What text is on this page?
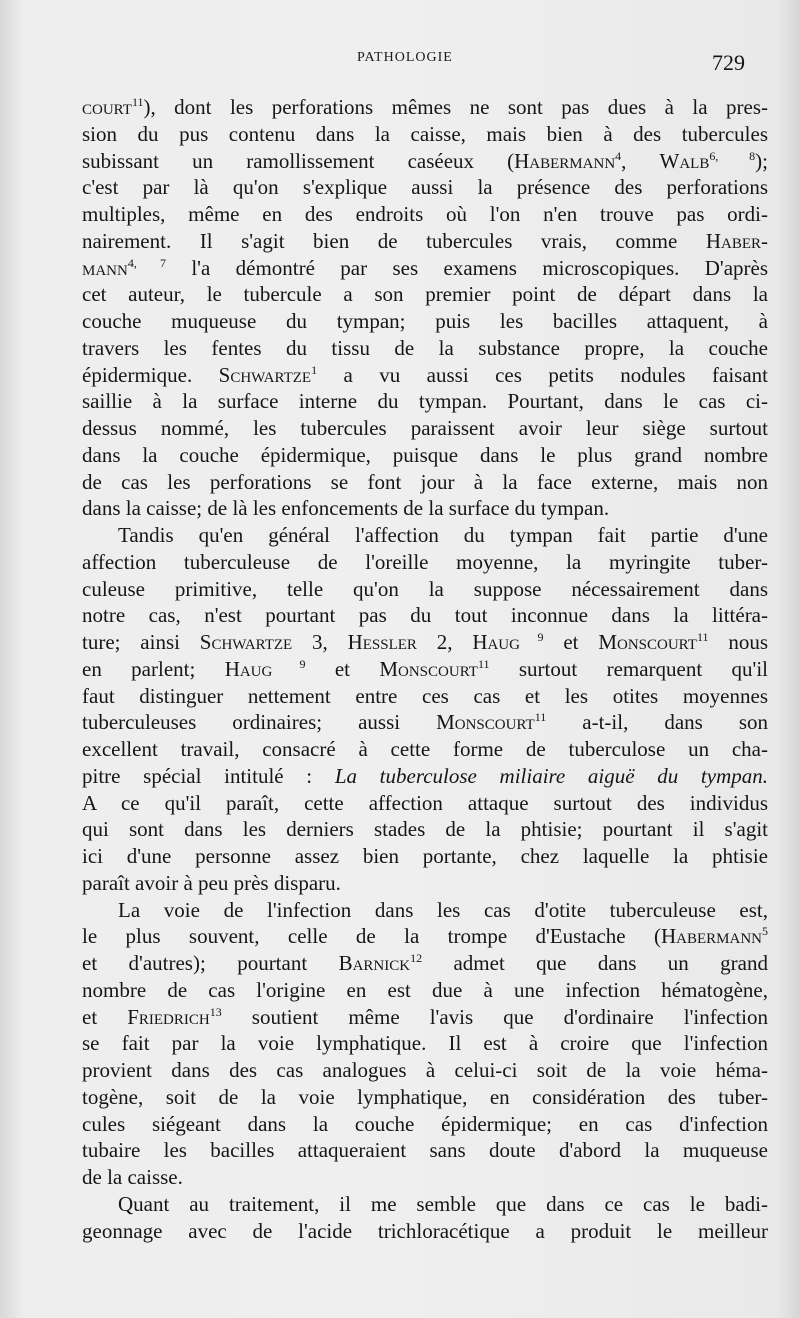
PATHOLOGIE	729
court$^{11}$), dont les perforations mêmes ne sont pas dues à la pres-
sion du pus contenu dans la caisse, mais bien à des tubercules
subissant un ramollissement caséeux (Habermann$^4$, Walb$^{6, 8}$);
c'est par là qu'on s'explique aussi la présence des perforations
multiples, même en des endroits où l'on n'en trouve pas ordi-
nairement. Il s'agit bien de tubercules vrais, comme Haber-
mann$^{4, 7}$ l'a démontré par ses examens microscopiques. D'après
cet auteur, le tubercule a son premier point de départ dans la
couche muqueuse du tympan; puis les bacilles attaquent, à
travers les fentes du tissu de la substance propre, la couche
épidermique. Schwartze$^1$ a vu aussi ces petits nodules faisant
saillie à la surface interne du tympan. Pourtant, dans le cas ci-
dessus nommé, les tubercules paraissent avoir leur siège surtout
dans la couche épidermique, puisque dans le plus grand nombre
de cas les perforations se font jour à la face externe, mais non
dans la caisse; de là les enfoncements de la surface du tympan.
Tandis qu'en général l'affection du tympan fait partie d'une
affection tuberculeuse de l'oreille moyenne, la myringite tuber-
culeuse primitive, telle qu'on la suppose nécessairement dans
notre cas, n'est pourtant pas du tout inconnue dans la littéra-
ture; ainsi Schwartze 3, Hessler 2, Haug $^9$ et Monscourt$^{11}$ nous
en parlent; Haug $^9$ et Monscourt$^{11}$ surtout remarquent qu'il
faut distinguer nettement entre ces cas et les otites moyennes
tuberculeuses ordinaires; aussi Monscourt$^{11}$ a-t-il, dans son
excellent travail, consacré à cette forme de tuberculose un cha-
pitre spécial intitulé : La tuberculose miliaire aiguë du tympan.
A ce qu'il paraît, cette affection attaque surtout des individus
qui sont dans les derniers stades de la phtisie; pourtant il s'agit
ici d'une personne assez bien portante, chez laquelle la phtisie
paraît avoir à peu près disparu.
La voie de l'infection dans les cas d'otite tuberculeuse est,
le plus souvent, celle de la trompe d'Eustache (Habermann$^5$
et d'autres); pourtant Barnick$^{12}$ admet que dans un grand
nombre de cas l'origine en est due à une infection hématogène,
et Friedrich$^{13}$ soutient même l'avis que d'ordinaire l'infection
se fait par la voie lymphatique. Il est à croire que l'infection
provient dans des cas analogues à celui-ci soit de la voie héma-
togène, soit de la voie lymphatique, en considération des tuber-
cules siégeant dans la couche épidermique; en cas d'infection
tubaire les bacilles attaqueraient sans doute d'abord la muqueuse
de la caisse.
Quant au traitement, il me semble que dans ce cas le badi-
geonnage avec de l'acide trichloracétique a produit le meilleur
